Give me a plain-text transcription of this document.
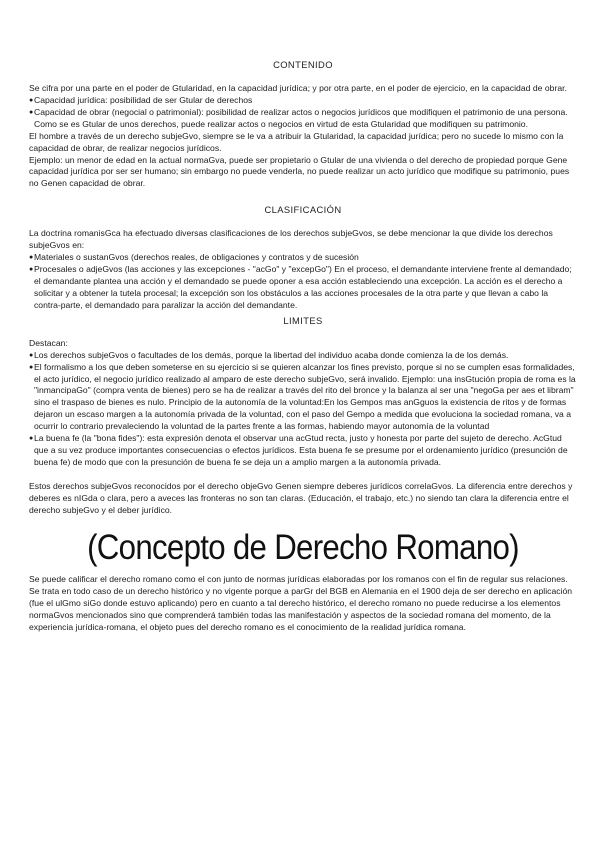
CONTENIDO

Se cifra por una parte en el poder de Gtularidad, en la capacidad jurídica; y por otra parte, en el poder de ejercicio, en la capacidad de obrar.

● Capacidad jurídica: posibilidad de ser Gtular de derechos
● Capacidad de obrar (negocial o patrimonial): posibilidad de realizar actos o negocios jurídicos que modifiquen el patrimonio de una persona. Como se es Gtular de unos derechos, puede realizar actos o negocios en virtud de esta Gtularidad que modifiquen su patrimonio.

El hombre a través de un derecho subjeGvo, siempre se le va a atribuir la Gtularidad, la capacidad jurídica; pero no sucede lo mismo con la capacidad de obrar, de realizar negocios jurídicos.

Ejemplo: un menor de edad en la actual normaGva, puede ser propietario o Gtular de una vivienda o del derecho de propiedad porque Gene capacidad jurídica por ser ser humano; sin embargo no puede venderla, no puede realizar un acto jurídico que modifique su patrimonio, pues no Genen capacidad de obrar.

CLASIFICACIÓN

La doctrina romanisGca ha efectuado diversas clasificaciones de los derechos subjeGvos, se debe mencionar la que divide los derechos subjeGvos en:

● Materiales o sustanGvos (derechos reales, de obligaciones y contratos y de sucesión
● Procesales o adjeGvos (las acciones y las excepciones - "acGo" y "excepGo") En el proceso, el demandante interviene frente al demandado; el demandante plantea una acción y el demandado se puede oponer a esa acción estableciendo una excepción. La acción es el derecho a solicitar y a obtener la tutela procesal; la excepción son los obstáculos a las acciones procesales de la otra parte y que llevan a cabo la contra-parte, el demandado para paralizar la acción del demandante.

LIMITES

Destacan:

● Los derechos subjeGvos o facultades de los demás, porque la libertad del individuo acaba donde comienza la de los demás.
● El formalismo a los que deben someterse en su ejercicio si se quieren alcanzar los fines previsto, porque si no se cumplen esas formalidades, el acto jurídico, el negocio jurídico realizado al amparo de este derecho subjeGvo, será invalido. Ejemplo: una insGtución propia de roma es la "inmancipaGo" (compra venta de bienes) pero se ha de realizar a través del rito del bronce y la balanza al ser una "negoGa per aes et libram" sino el traspaso de bienes es nulo. Principio de la autonomía de la voluntad:En los Gempos mas anGguos la existencia de ritos y de formas dejaron un escaso margen a la autonomía privada de la voluntad, con el paso del Gempo a medida que evoluciona la sociedad romana, va a ocurrir lo contrario prevaleciendo la voluntad de la partes frente a las formas, habiendo mayor autonomía de la voluntad
● La buena fe (la "bona fides"): esta expresión denota el observar una acGtud recta, justo y honesta por parte del sujeto de derecho. AcGtud que a su vez produce importantes consecuencias o efectos jurídicos. Esta buena fe se presume por el ordenamiento jurídico (presunción de buena fe) de modo que con la presunción de buena fe se deja un a amplio margen a la autonomía privada.

Estos derechos subjeGvos reconocidos por el derecho objeGvo Genen siempre deberes jurídicos correlaGvos. La diferencia entre derechos y deberes es nIGda o clara, pero a aveces las fronteras no son tan claras. (Educación, el trabajo, etc.) no siendo tan clara la diferencia entre el derecho subjeGvo y el deber jurídico.

(Concepto de Derecho Romano)

Se puede calificar el derecho romano como el con junto de normas jurídicas elaboradas por los romanos con el fin de regular sus relaciones. Se trata en todo caso de un derecho histórico y no vigente porque a parGr del BGB en Alemania en el 1900 deja de ser derecho en aplicación (fue el ulGmo siGo donde estuvo aplicando) pero en cuanto a tal derecho histórico, el derecho romano no puede reducirse a los elementos normaGvos mencionados sino que comprenderá también todas las manifestación y aspectos de la sociedad romana del momento, de la experiencia jurídica-romana, el objeto pues del derecho romano es el conocimiento de la realidad jurídica romana.
